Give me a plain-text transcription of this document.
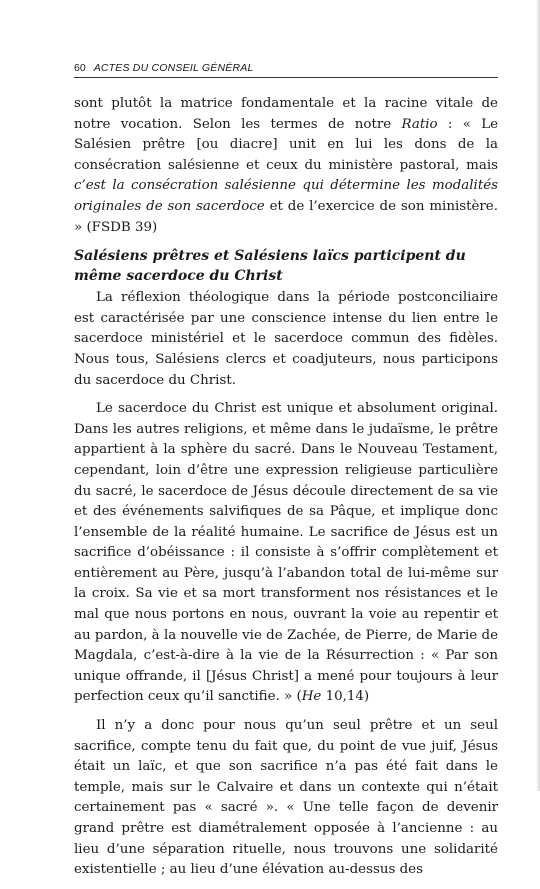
60 ACTES DU CONSEIL GÉNÉRAL

sont plutôt la matrice fondamentale et la racine vitale de notre vocation. Selon les termes de notre Ratio : « Le Salésien prêtre [ou diacre] unit en lui les dons de la consécration salésienne et ceux du ministère pastoral, mais c’est la consécration salésienne qui détermine les modalités originales de son sacerdoce et de l’exercice de son ministère. » (FSDB 39)

Salésiens prêtres et Salésiens laïcs participent du même sacerdoce du Christ

La réflexion théologique dans la période postconciliaire est caractérisée par une conscience intense du lien entre le sacerdoce ministériel et le sacerdoce commun des fidèles. Nous tous, Salésiens clercs et coadjuteurs, nous participons du sacerdoce du Christ.

Le sacerdoce du Christ est unique et absolument original. Dans les autres religions, et même dans le judaïsme, le prêtre appartient à la sphère du sacré. Dans le Nouveau Testament, cependant, loin d’être une expression religieuse particulière du sacré, le sacerdoce de Jésus découle directement de sa vie et des événements salvifiques de sa Pâque, et implique donc l’ensemble de la réalité humaine. Le sacrifice de Jésus est un sacrifice d’obéissance : il consiste à s’offrir complètement et entièrement au Père, jusqu’à l’abandon total de lui-même sur la croix. Sa vie et sa mort transforment nos résistances et le mal que nous portons en nous, ouvrant la voie au repentir et au pardon, à la nouvelle vie de Zachée, de Pierre, de Marie de Magdala, c’est-à-dire à la vie de la Résurrection : « Par son unique offrande, il [Jésus Christ] a mené pour toujours à leur perfection ceux qu’il sanctifie. » (He 10,14)

Il n’y a donc pour nous qu’un seul prêtre et un seul sacrifice, compte tenu du fait que, du point de vue juif, Jésus était un laïc, et que son sacrifice n’a pas été fait dans le temple, mais sur le Calvaire et dans un contexte qui n’était certainement pas « sacré ». « Une telle façon de devenir grand prêtre est diamétralement opposée à l’ancienne : au lieu d’une séparation rituelle, nous trouvons une solidarité existentielle ; au lieu d’une élévation au-dessus des
